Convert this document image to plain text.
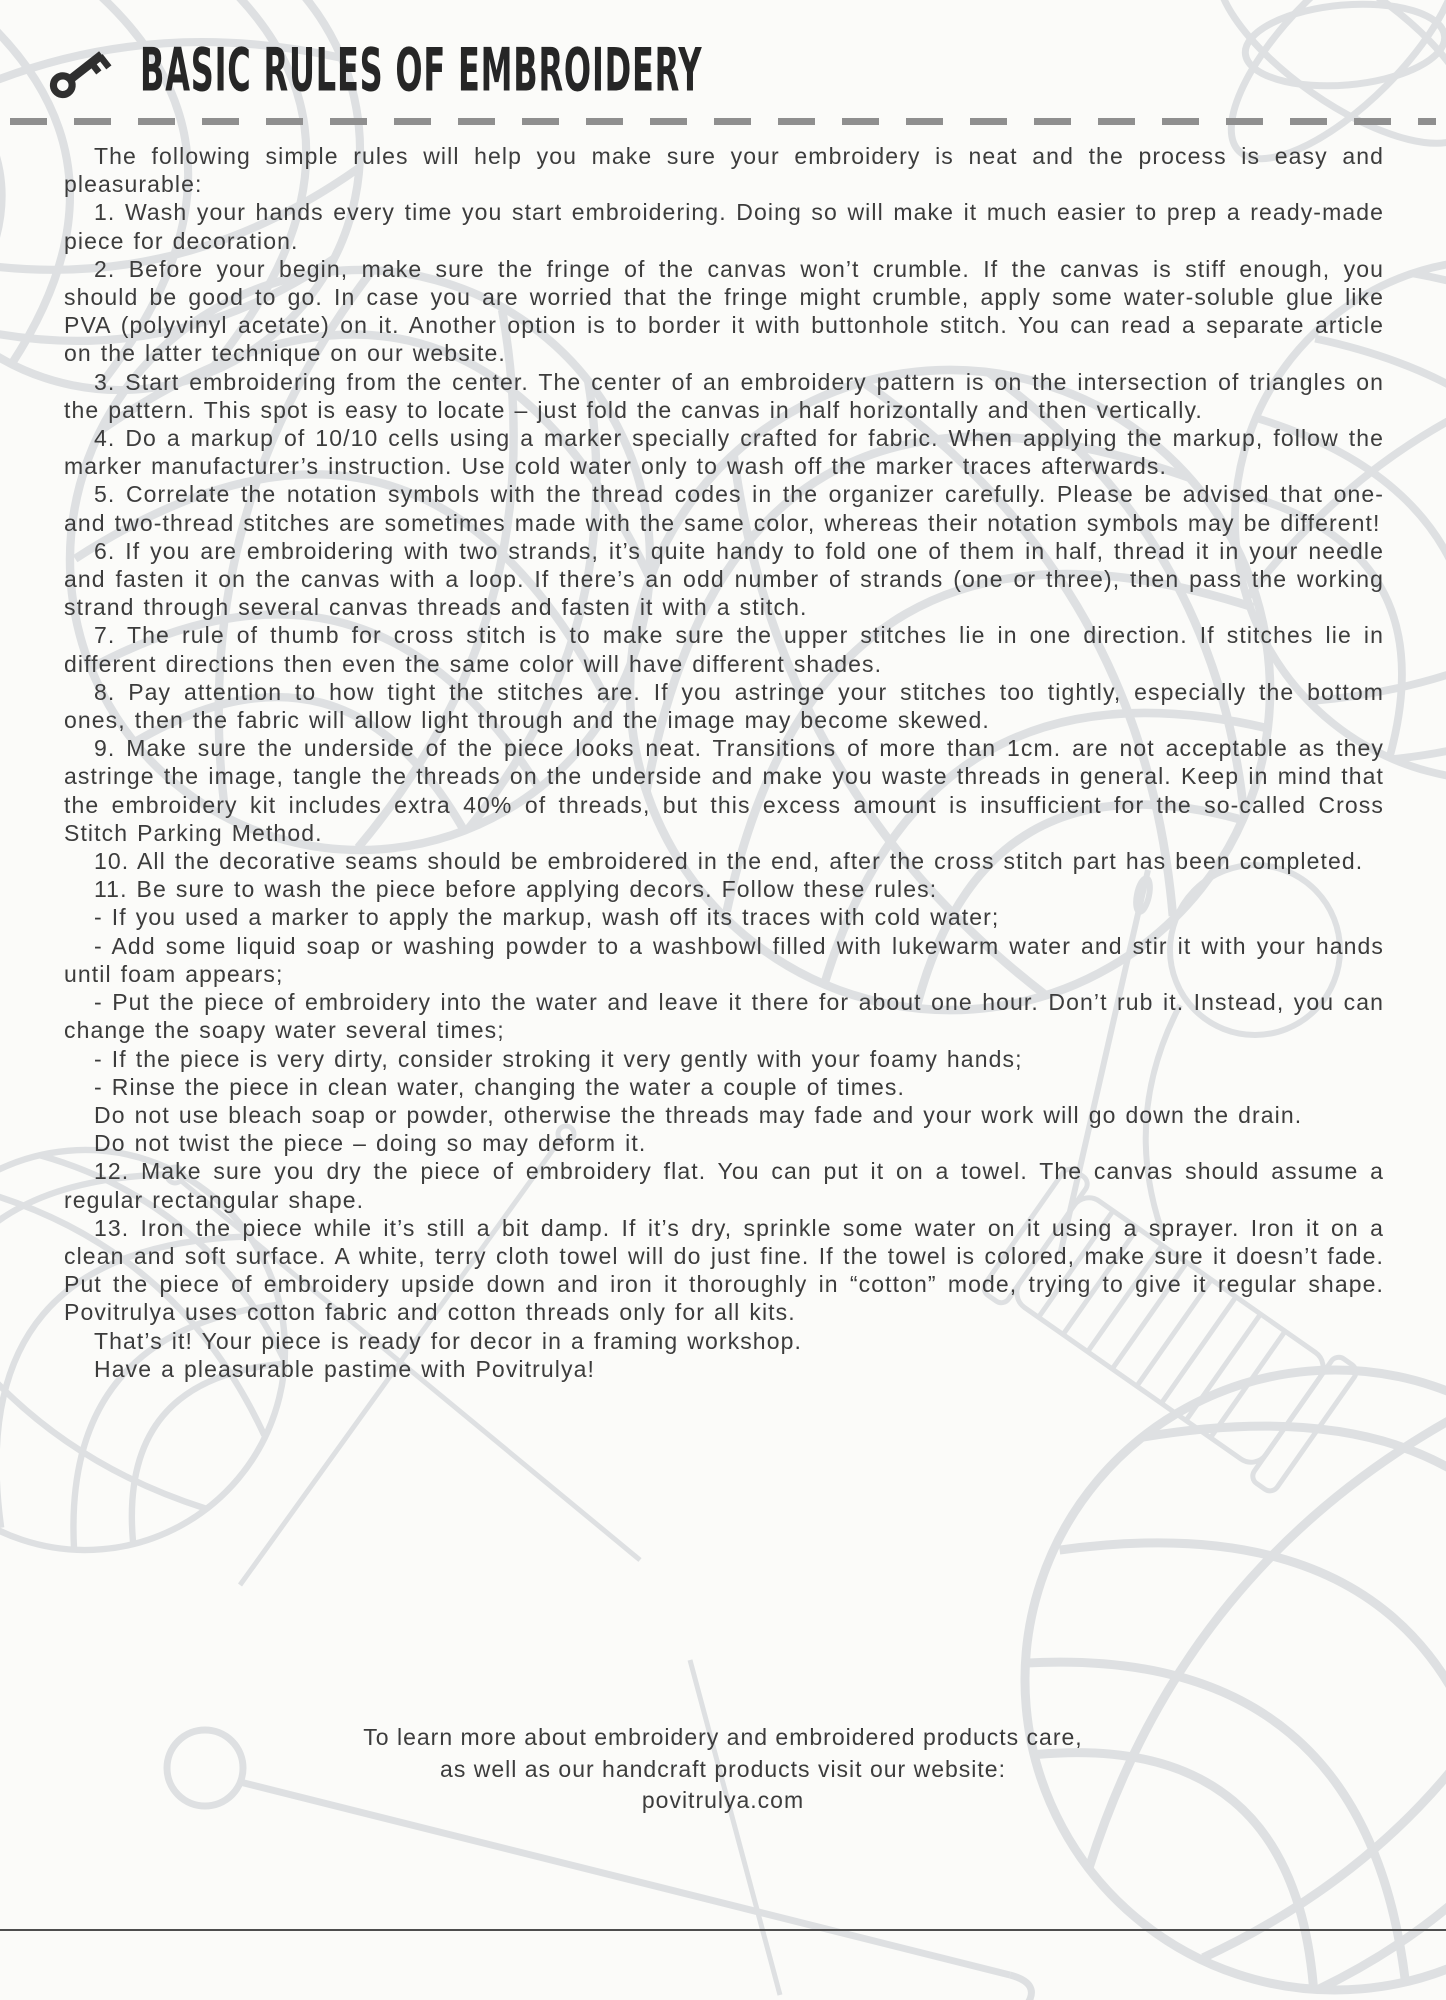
BASIC RULES OF EMBROIDERY

The following simple rules will help you make sure your embroidery is neat and the process is easy and pleasurable:

1. Wash your hands every time you start embroidering. Doing so will make it much easier to prep a ready-made piece for decoration.

2. Before your begin, make sure the fringe of the canvas won’t crumble. If the canvas is stiff enough, you should be good to go. In case you are worried that the fringe might crumble, apply some water-soluble glue like PVA (polyvinyl acetate) on it. Another option is to border it with buttonhole stitch. You can read a separate article on the latter technique on our website.

3. Start embroidering from the center. The center of an embroidery pattern is on the intersection of triangles on the pattern. This spot is easy to locate – just fold the canvas in half horizontally and then vertically.

4. Do a markup of 10/10 cells using a marker specially crafted for fabric. When applying the markup, follow the marker manufacturer’s instruction. Use cold water only to wash off the marker traces afterwards.

5. Correlate the notation symbols with the thread codes in the organizer carefully. Please be advised that one- and two-thread stitches are sometimes made with the same color, whereas their notation symbols may be different!

6. If you are embroidering with two strands, it’s quite handy to fold one of them in half, thread it in your needle and fasten it on the canvas with a loop. If there’s an odd number of strands (one or three), then pass the working strand through several canvas threads and fasten it with a stitch.

7. The rule of thumb for cross stitch is to make sure the upper stitches lie in one direction. If stitches lie in different directions then even the same color will have different shades.

8. Pay attention to how tight the stitches are. If you astringe your stitches too tightly, especially the bottom ones, then the fabric will allow light through and the image may become skewed.

9. Make sure the underside of the piece looks neat. Transitions of more than 1cm. are not acceptable as they astringe the image, tangle the threads on the underside and make you waste threads in general. Keep in mind that the embroidery kit includes extra 40% of threads, but this excess amount is insufficient for the so-called Cross Stitch Parking Method.

10. All the decorative seams should be embroidered in the end, after the cross stitch part has been completed.

11. Be sure to wash the piece before applying decors. Follow these rules:

- If you used a marker to apply the markup, wash off its traces with cold water;

- Add some liquid soap or washing powder to a washbowl filled with lukewarm water and stir it with your hands until foam appears;

- Put the piece of embroidery into the water and leave it there for about one hour. Don’t rub it. Instead, you can change the soapy water several times;

- If the piece is very dirty, consider stroking it very gently with your foamy hands;

- Rinse the piece in clean water, changing the water a couple of times.

Do not use bleach soap or powder, otherwise the threads may fade and your work will go down the drain.

Do not twist the piece – doing so may deform it.

12. Make sure you dry the piece of embroidery flat. You can put it on a towel. The canvas should assume a regular rectangular shape.

13. Iron the piece while it’s still a bit damp. If it’s dry, sprinkle some water on it using a sprayer. Iron it on a clean and soft surface. A white, terry cloth towel will do just fine. If the towel is colored, make sure it doesn’t fade. Put the piece of embroidery upside down and iron it thoroughly in “cotton” mode, trying to give it regular shape. Povitrulya uses cotton fabric and cotton threads only for all kits.

That’s it! Your piece is ready for decor in a framing workshop.

Have a pleasurable pastime with Povitrulya!

To learn more about embroidery and embroidered products care,

as well as our handcraft products visit our website:

povitrulya.com
